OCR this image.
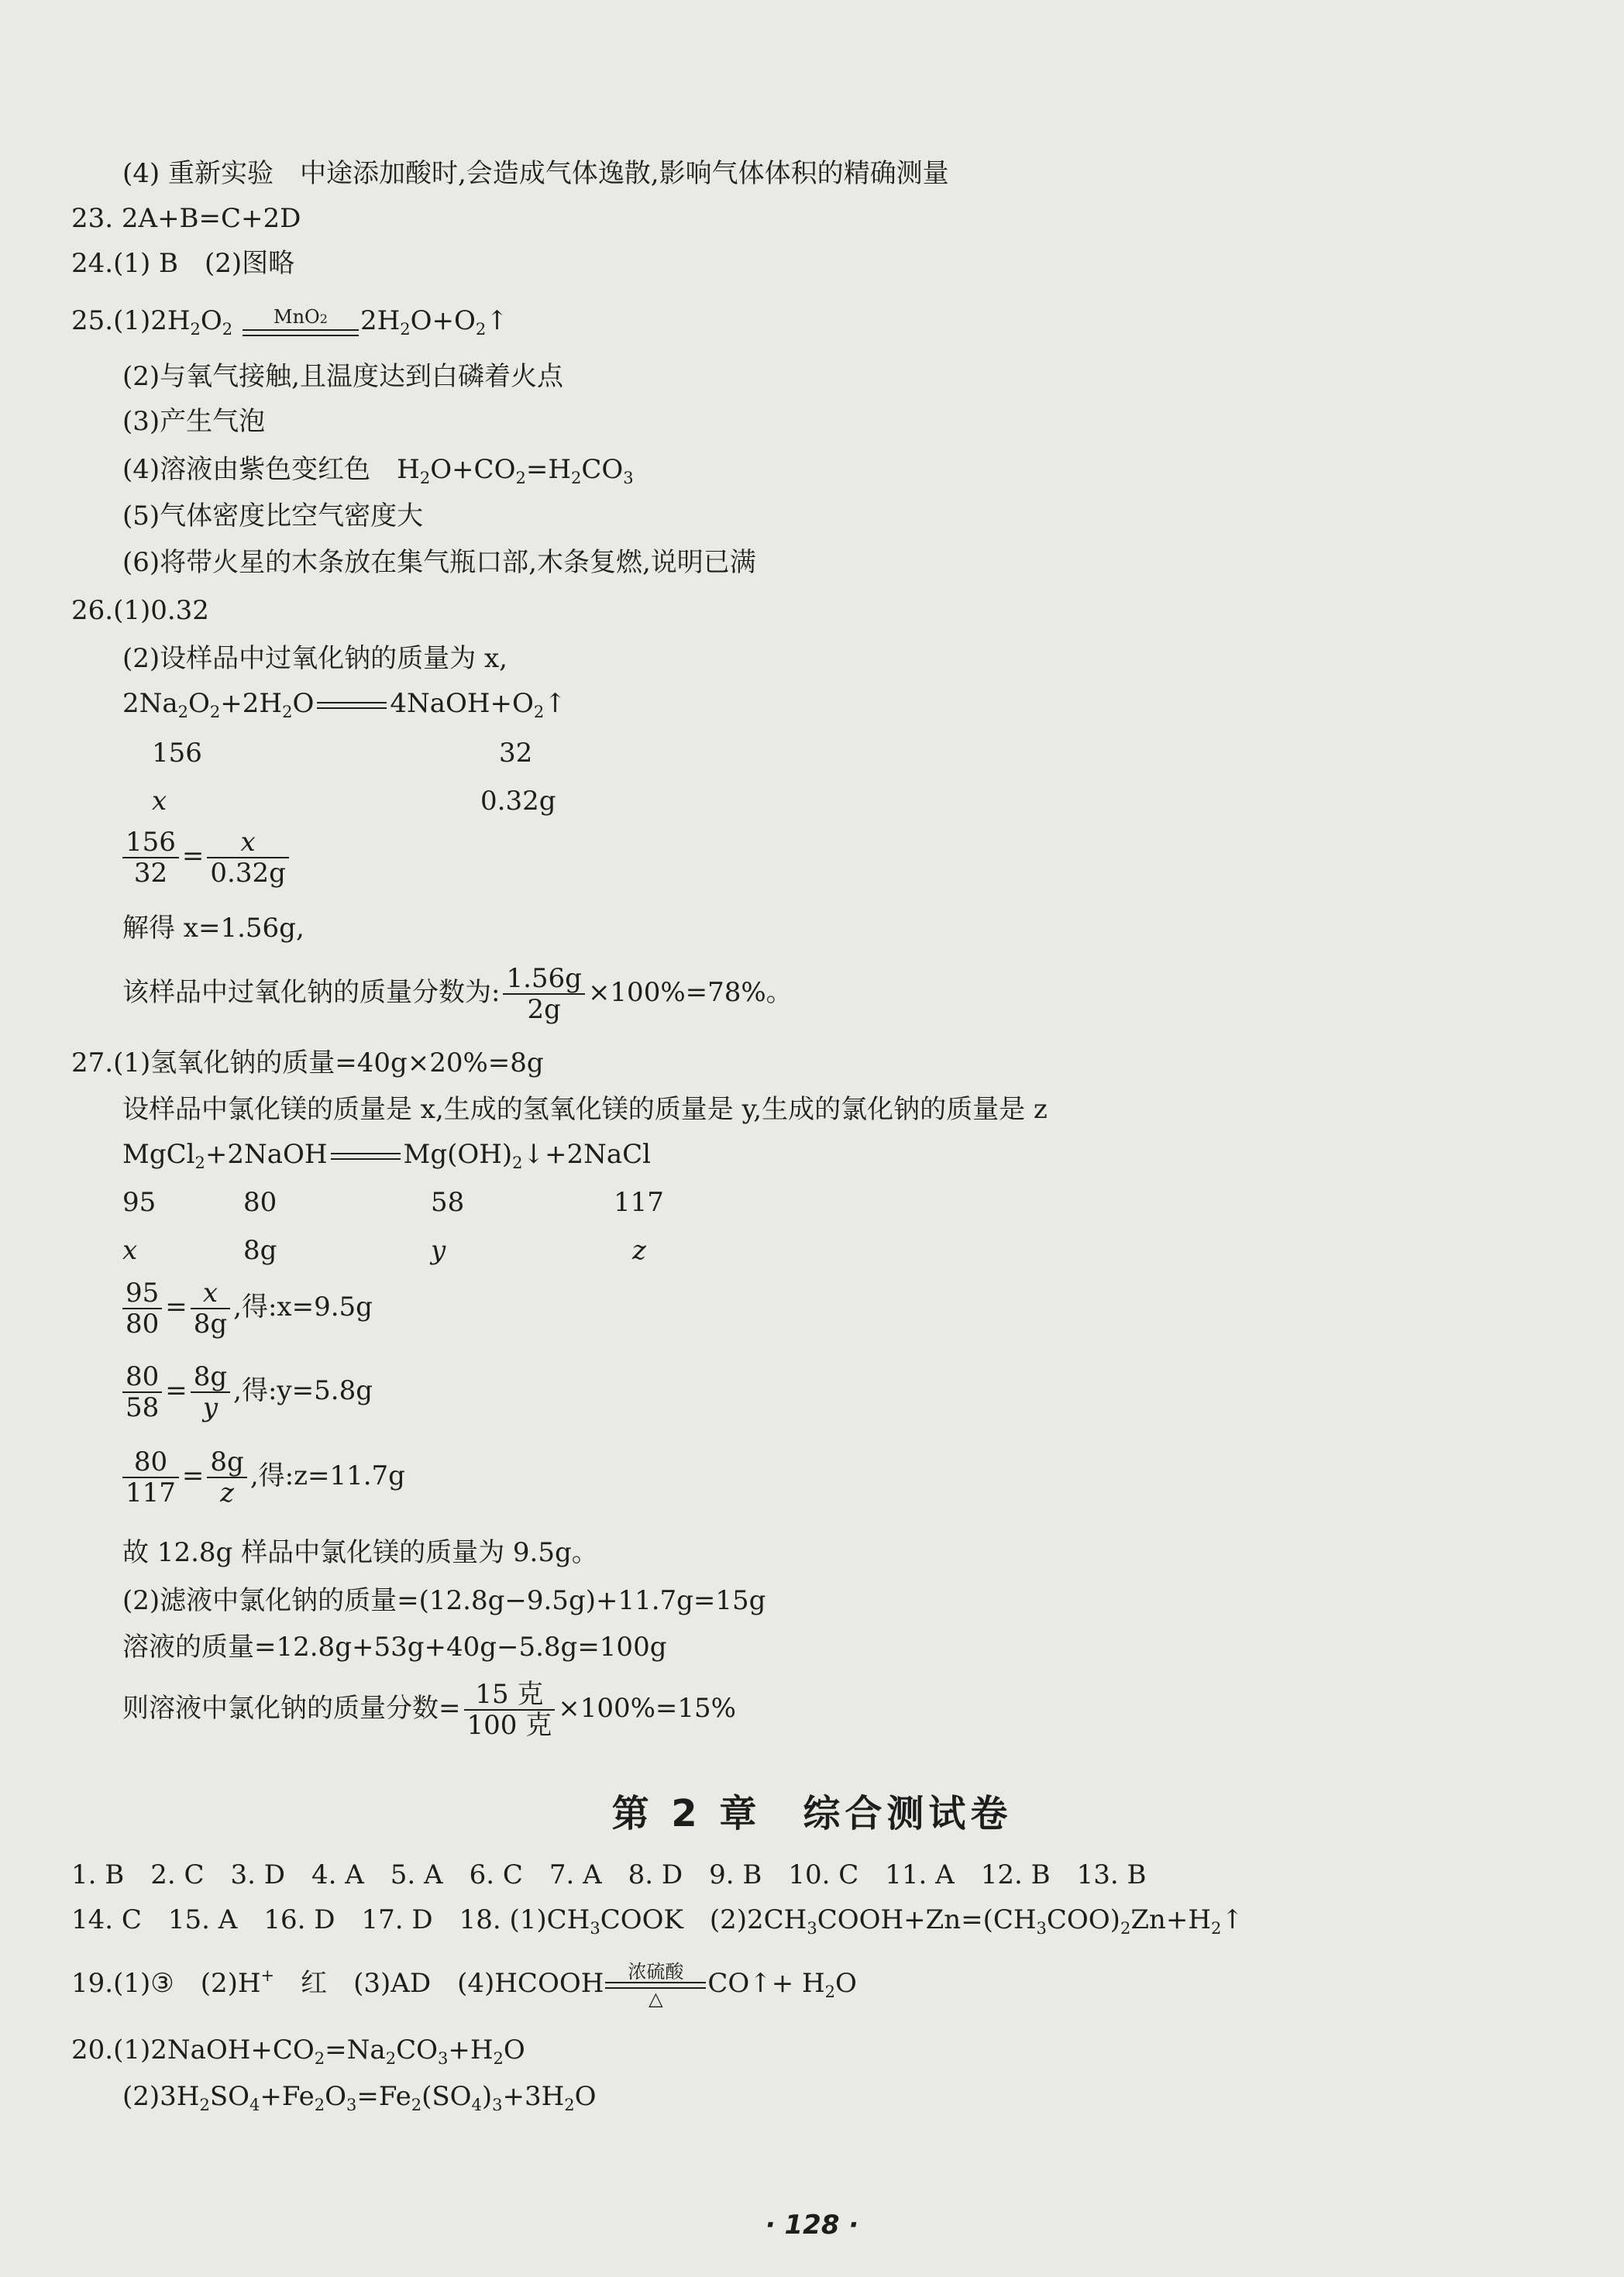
(4) 重新实验　中途添加酸时,会造成气体逸散,影响气体体积的精确测量
23. 2A+B=C+2D
24.(1) B　(2)图略
$25.(1)2H_2O_2$
MnO2	$2H_2O+O_2↑$
(2)与氧气接触,且温度达到白磷着火点
(3)产生气泡
(4)溶液由紫色变红色　$H_2O+CO_2=H_2CO_3$
(5)气体密度比空气密度大
(6)将带火星的木条放在集气瓶口部,木条复燃,说明已满
26.(1)0.32
(2)设样品中过氧化钠的质量为 x,
$2Na_2O_2+2H_2O$	$4NaOH+O_2↑$
156	32
x	0.32g
$\frac{156}{32} = \frac{x}{0.32g}$
解得 x=1.56g,
该样品中过氧化钠的质量分数为: $\frac{1.56g}{2g} \times 100\%=78\%$。
27.(1)氢氧化钠的质量=40g×20%=8g
设样品中氯化镁的质量是 x,生成的氢氧化镁的质量是 y,生成的氯化钠的质量是 z
MgCl$_2$+2NaOH	$Mg(OH)_2↓+2NaCl$
95	80	58	117
x	8g	y	z
$\frac{95}{80} = \frac{x}{8g}$ ,得:x=9.5g
$\frac{80}{58} = \frac{8g}{y}$ ,得:y=5.8g
$\frac{80}{117} = \frac{8g}{z}$ ,得:z=11.7g
故 12.8g 样品中氯化镁的质量为 9.5g。
(2)滤液中氯化钠的质量=(12.8g−9.5g)+11.7g=15g
溶液的质量=12.8g+53g+40g−5.8g=100g
则溶液中氯化钠的质量分数= $\frac{\text{15 克}}{\text{100 克}} \times 100\%=15\%$
第 2 章　综合测试卷
1. B　2. C　3. D　4. A　5. A　6. C　7. A　8. D　9. B　10. C　11. A　12. B　13. B
14. C　15. A　16. D　17. D　18. $(1)CH_3COOK$　$(2)2CH_3COOH+Zn=(CH_3COO)_2Zn+H_2↑$
19.(1)③　(2)H+　红　(3)AD　(4)HCOOH	浓硫酸
△	CO↑+ $H_2O$
$20.(1)2NaOH+CO_2=Na_2CO_3+H_2O$
$(2)3H_2SO_4+Fe_2O_3=Fe_2(SO_4)_3+3H_2O$
· 128 ·
